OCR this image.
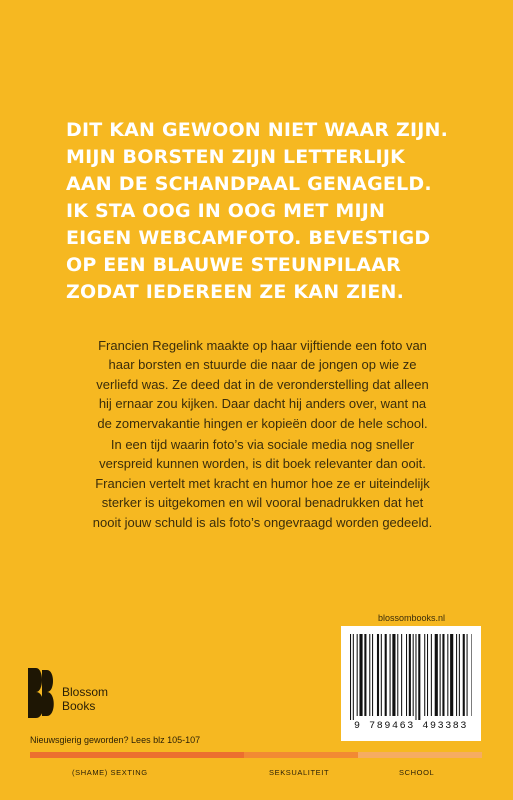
DIT KAN GEWOON NIET WAAR ZIJN.
MIJN BORSTEN ZIJN LETTERLIJK
AAN DE SCHANDPAAL GENAGELD.
IK STA OOG IN OOG MET MIJN
EIGEN WEBCAMFOTO. BEVESTIGD
OP EEN BLAUWE STEUNPILAAR
ZODAT IEDEREEN ZE KAN ZIEN.
Francien Regelink maakte op haar vijftiende een foto van
haar borsten en stuurde die naar de jongen op wie ze
verliefd was. Ze deed dat in de veronderstelling dat alleen
hij ernaar zou kijken. Daar dacht hij anders over, want na
de zomervakantie hingen er kopieën door de hele school.
In een tijd waarin foto’s via sociale media nog sneller
verspreid kunnen worden, is dit boek relevanter dan ooit.
Francien vertelt met kracht en humor hoe ze er uiteindelijk
sterker is uitgekomen en wil vooral benadrukken dat het
nooit jouw schuld is als foto’s ongevraagd worden gedeeld.
blossombooks.nl
9 789463 493383
Blossom
Books
Nieuwsgierig geworden? Lees blz 105-107
(SHAME) SEXTING	SEKSUALITEIT	SCHOOL
